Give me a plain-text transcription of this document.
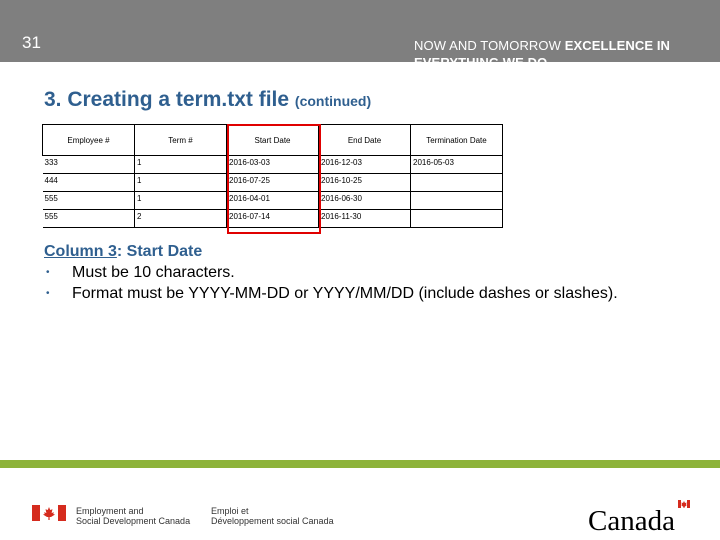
31	NOW AND TOMORROW EXCELLENCE IN EVERYTHING WE DO
3. Creating a term.txt file (continued)
Employee #	Term #	Start Date	End Date	Termination Date
333	1	2016-03-03	2016-12-03	2016-05-03
444	1	2016-07-25	2016-10-25	
555	1	2016-04-01	2016-06-30	
555	2	2016-07-14	2016-11-30	
Column 3: Start Date
•	Must be 10 characters.
•	Format must be YYYY-MM-DD or YYYY/MM/DD (include dashes or slashes).
Employment and
Social Development Canada
Emploi et
Développement social Canada	Canada
